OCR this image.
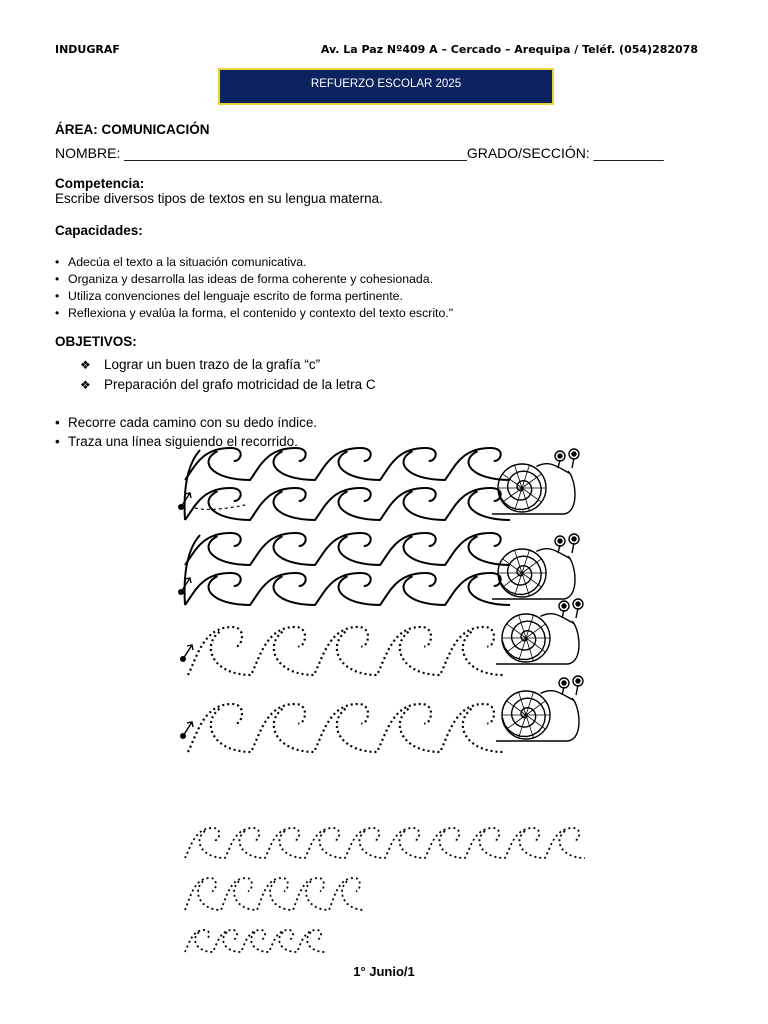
INDUGRAF	Av. La Paz Nº409 A – Cercado – Arequipa / Teléf. (054)282078
REFUERZO ESCOLAR 2025
ÁREA: COMUNICACIÓN
NOMBRE: ____________________________________________GRADO/SECCIÓN: _________
Competencia:
Escribe diversos tipos de textos en su lengua materna.
Capacidades:
• Adecúa el texto a la situación comunicativa.
• Organiza y desarrolla las ideas de forma coherente y cohesionada.
• Utiliza convenciones del lenguaje escrito de forma pertinente.
• Reflexiona y evalúa la forma, el contenido y contexto del texto escrito."
OBJETIVOS:
❖ Lograr un buen trazo de la grafía “c”
❖ Preparación del grafo motricidad de la letra C
• Recorre cada camino con su dedo índice.
• Traza una línea siguiendo el recorrido.
1° Junio/1
